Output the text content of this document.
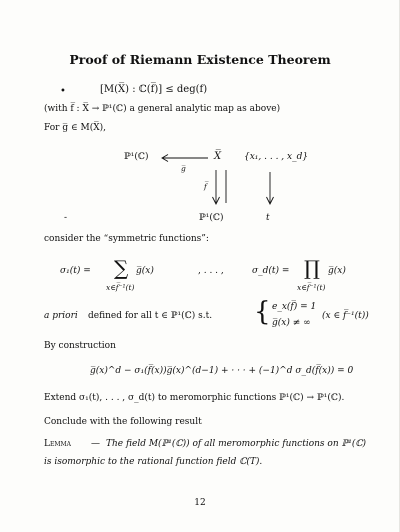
Proof of Riemann Existence Theorem
•	[M(X̅) : ℂ(f̅)] ≤ deg(f)
(with f̅ : X̅ → ℙ¹(ℂ) a general analytic map as above)
For g̅ ∈ M(X̅),
ℙ¹(ℂ)
g̅
X̅	{x₁, . . . , x_d}
f̅
-	ℙ¹(ℂ)	t
consider the “symmetric functions”:
σ₁(t) = ∑
x∈f̅⁻¹(t)
g̅(x)	, . . . ,	σ_d(t) = ∏
x∈f̅⁻¹(t)
g̅(x)
a priori defined for all t ∈ ℙ¹(ℂ) s.t. { e_x(f̅) = 1
g̅(x) ≠ ∞
(x ∈ f̅⁻¹(t))
By construction
g̅(x)^d − σ₁(f̅(x))g̅(x)^(d−1) + · · · + (−1)^d σ_d(f̅(x)) = 0
Extend σ₁(t), . . . , σ_d(t) to meromorphic functions ℙ¹(ℂ) → ℙ¹(ℂ).
Conclude with the following result
Lemma — The field M(ℙ¹(ℂ)) of all meromorphic functions on ℙ¹(ℂ)
is isomorphic to the rational function field ℂ(T).
12
